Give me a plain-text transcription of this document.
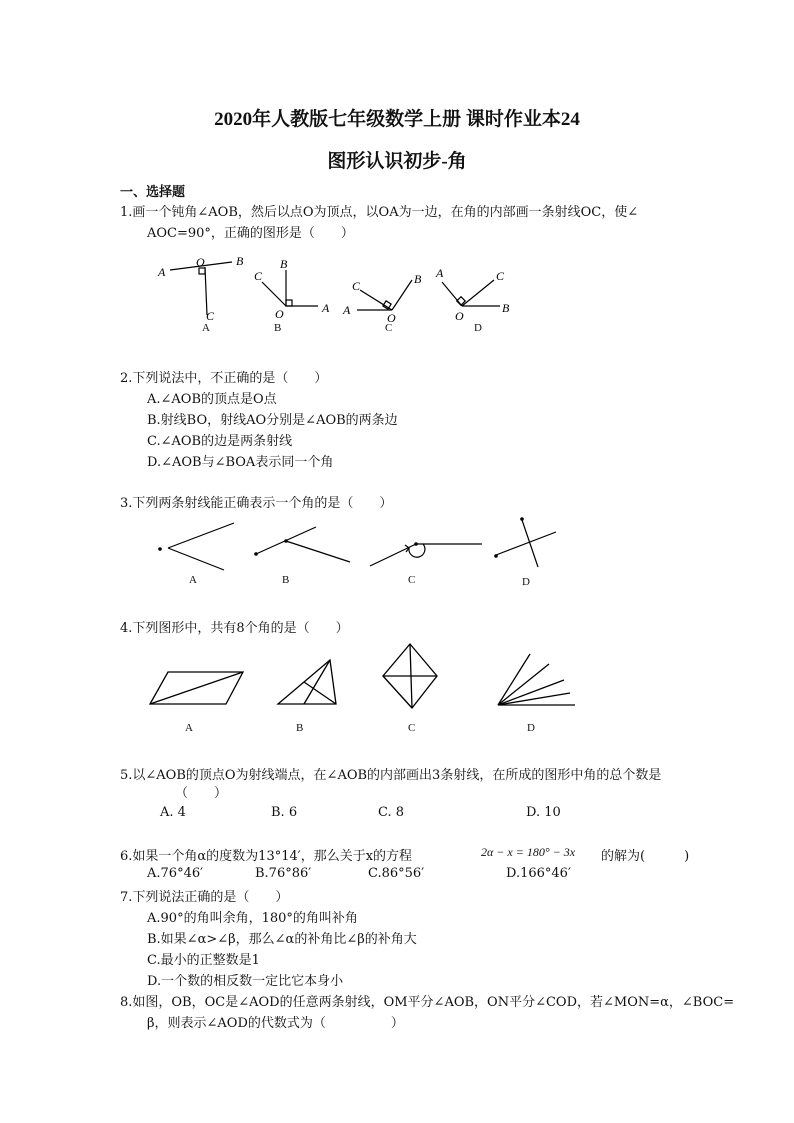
2020年人教版七年级数学上册 课时作业本24
图形认识初步-角
一、选择题
1.画一个钝角∠AOB，然后以点O为顶点，以OA为一边，在角的内部画一条射线OC，使∠
AOC=90°，正确的图形是（　　）
A
O	B
C
C
B
O	A A
C
O
B A	C
O
B
A	B	C	D
2.下列说法中，不正确的是（　　）
A.∠AOB的顶点是O点
B.射线BO，射线AO分别是∠AOB的两条边
C.∠AOB的边是两条射线
D.∠AOB与∠BOA表示同一个角
3.下列两条射线能正确表示一个角的是（　　）
A	B	C	D
4.下列图形中，共有8个角的是（　　）
A	B	C	D
5.以∠AOB的顶点O为射线端点，在∠AOB的内部画出3条射线，在所成的图形中角的总个数是
（　　）
A. 4	B. 6	C. 8	D. 10
6.如果一个角α的度数为13°14′，那么关于x的方程	2α − x = 180° − 3x 的解为(　　　)
A.76°46′	B.76°86′	C.86°56′	D.166°46′
7.下列说法正确的是（　　）
A.90°的角叫余角，180°的角叫补角
B.如果∠α>∠β，那么∠α的补角比∠β的补角大
C.最小的正整数是1
D.一个数的相反数一定比它本身小
8.如图，OB，OC是∠AOD的任意两条射线，OM平分∠AOB，ON平分∠COD，若∠MON=α，∠BOC=
β，则表示∠AOD的代数式为（　　　　　）
